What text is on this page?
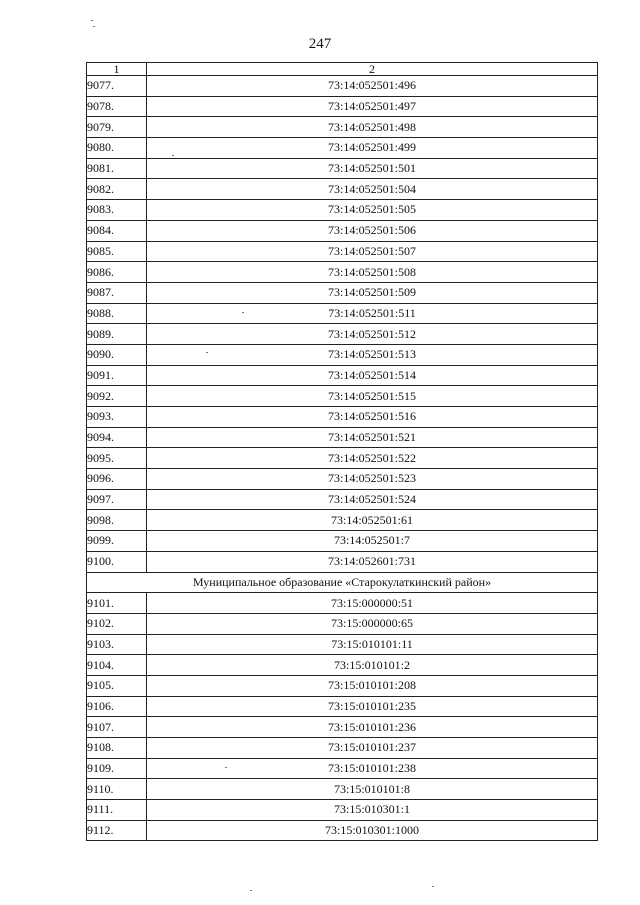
247
1	2
9077.	73:14:052501:496
9078.	73:14:052501:497
9079.	73:14:052501:498
9080.	73:14:052501:499
9081.	73:14:052501:501
9082.	73:14:052501:504
9083.	73:14:052501:505
9084.	73:14:052501:506
9085.	73:14:052501:507
9086.	73:14:052501:508
9087.	73:14:052501:509
9088.	73:14:052501:511
9089.	73:14:052501:512
9090.	73:14:052501:513
9091.	73:14:052501:514
9092.	73:14:052501:515
9093.	73:14:052501:516
9094.	73:14:052501:521
9095.	73:14:052501:522
9096.	73:14:052501:523
9097.	73:14:052501:524
9098.	73:14:052501:61
9099.	73:14:052501:7
9100.	73:14:052601:731
Муниципальное образование «Старокулаткинский район»	
9101.	73:15:000000:51
9102.	73:15:000000:65
9103.	73:15:010101:11
9104.	73:15:010101:2
9105.	73:15:010101:208
9106.	73:15:010101:235
9107.	73:15:010101:236
9108.	73:15:010101:237
9109.	73:15:010101:238
9110.	73:15:010101:8
9111.	73:15:010301:1
9112.	73:15:010301:1000
